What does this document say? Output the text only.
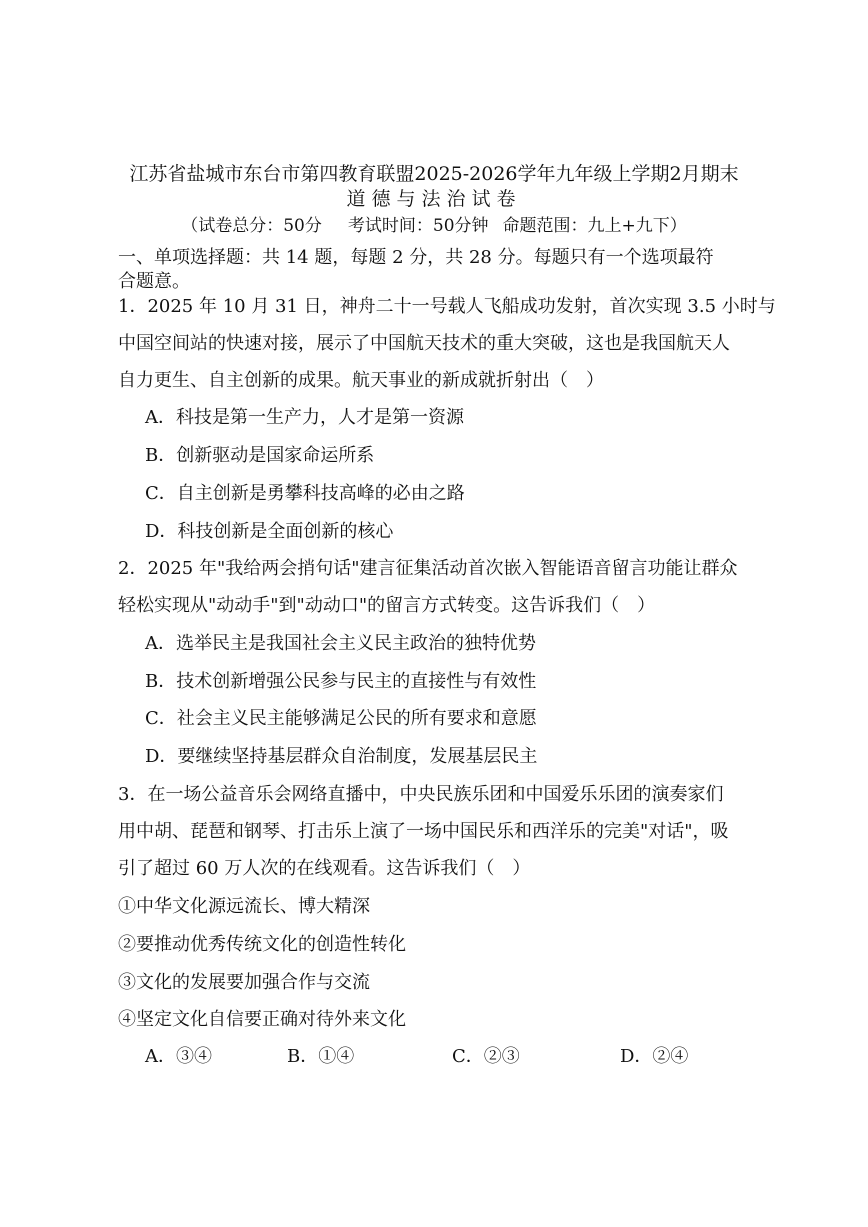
江苏省盐城市东台市第四教育联盟2025-2026学年九年级上学期2月期末
道德与法治试卷
（试卷总分：50分 考试时间：50分钟 命题范围：九上+九下）
一、单项选择题：共 14 题，每题 2 分，共 28 分。每题只有一个选项最符
合题意。
1．2025 年 10 月 31 日，神舟二十一号载人飞船成功发射，首次实现 3.5 小时与
中国空间站的快速对接，展示了中国航天技术的重大突破，这也是我国航天人
自力更生、自主创新的成果。航天事业的新成就折射出（　）
A．科技是第一生产力，人才是第一资源
B．创新驱动是国家命运所系
C．自主创新是勇攀科技高峰的必由之路
D．科技创新是全面创新的核心
2．2025 年"我给两会捎句话"建言征集活动首次嵌入智能语音留言功能让群众
轻松实现从"动动手"到"动动口"的留言方式转变。这告诉我们（　）
A．选举民主是我国社会主义民主政治的独特优势
B．技术创新增强公民参与民主的直接性与有效性
C．社会主义民主能够满足公民的所有要求和意愿
D．要继续坚持基层群众自治制度，发展基层民主
3．在一场公益音乐会网络直播中，中央民族乐团和中国爱乐乐团的演奏家们
用中胡、琵琶和钢琴、打击乐上演了一场中国民乐和西洋乐的完美"对话"，吸
引了超过 60 万人次的在线观看。这告诉我们（　）
①中华文化源远流长、博大精深
②要推动优秀传统文化的创造性转化
③文化的发展要加强合作与交流
④坚定文化自信要正确对待外来文化
A．③④	B．①④	C．②③	D．②④
